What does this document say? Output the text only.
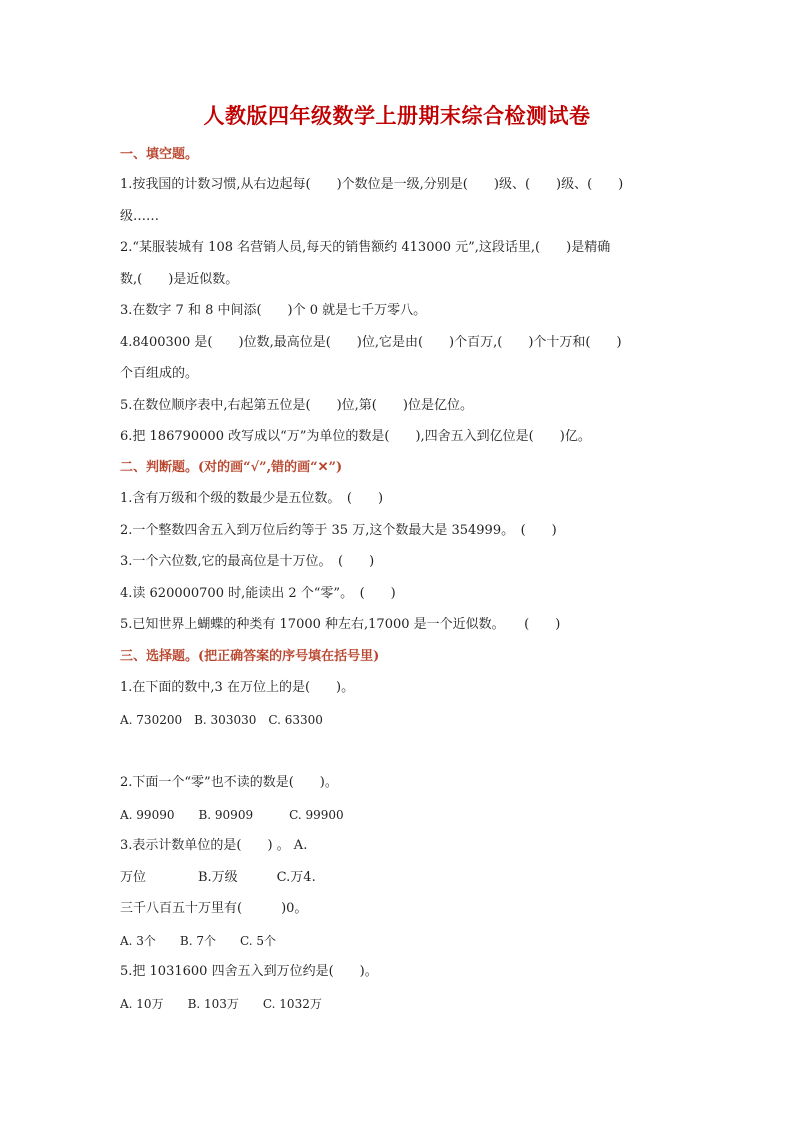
人教版四年级数学上册期末综合检测试卷
一、填空题。
1.按我国的计数习惯,从右边起每(　　)个数位是一级,分别是(　　)级、(　　)级、(　　)
级……
2.“某服装城有 108 名营销人员,每天的销售额约 413000 元”,这段话里,(　　)是精确
数,(　　)是近似数。
3.在数字 7 和 8 中间添(　　)个 0 就是七千万零八。
4.8400300 是(　　)位数,最高位是(　　)位,它是由(　　)个百万,(　　)个十万和(　　)
个百组成的。
5.在数位顺序表中,右起第五位是(　　)位,第(　　)位是亿位。
6.把 186790000 改写成以“万”为单位的数是(　　),四舍五入到亿位是(　　)亿。
二、判断题。(对的画“√”,错的画“✕”)
1.含有万级和个级的数最少是五位数。　(　　)
2.一个整数四舍五入到万位后约等于 35 万,这个数最大是 354999。　(　　)
3.一个六位数,它的最高位是十万位。　(　　)
4.读 620000700 时,能读出 2 个“零”。　(　　)
5.已知世界上蝴蝶的种类有 17000 种左右,17000 是一个近似数。　　(　　)
三、选择题。(把正确答案的序号填在括号里)
1.在下面的数中,3 在万位上的是(　　)。
A. 730200　B. 303030　C. 63300
2.下面一个“零”也不读的数是(　　)。
A. 99090　　B. 90909　　　C. 99900
3.表示计数单位的是(　　) 。 A.
万位　　　　B.万级　　　C.万4.
三千八百五十万里有(　　　)0。
A. 3个　　B. 7个　　C. 5个
5.把 1031600 四舍五入到万位约是(　　)。
A. 10万　　B. 103万　　C. 1032万
